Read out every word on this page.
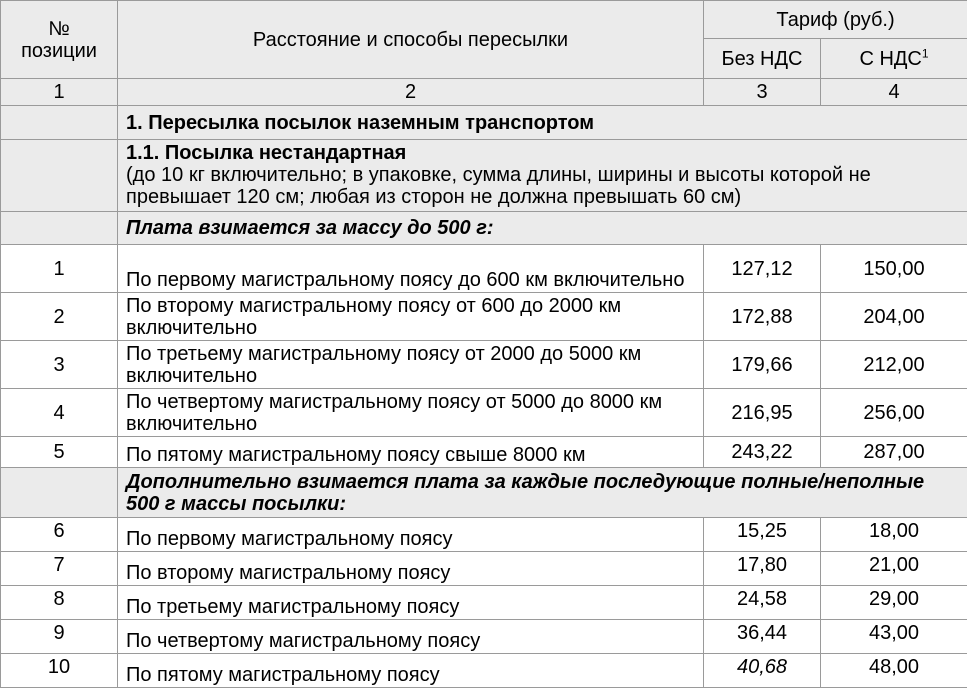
№ позиции	Расстояние и способы пересылки	Тариф (руб.)	
		Без НДС	С НДС$^1$
1	2	3	4
	1. Пересылка посылок наземным транспортом		

	1.1. Посылка нестандартная
(до 10 кг включительно; в упаковке, сумма длины, ширины и высоты которой не превышает 120 см; любая из сторон не должна превышать 60 см)		

	Плата взимается за массу до 500 г:		
1	По первому магистральному поясу до 600 км включительно	127,12	150,00
2	По второму магистральному поясу от 600 до 2000 км включительно	172,88	204,00
3	По третьему магистральному поясу от 2000 до 5000 км включительно	179,66	212,00
4	По четвертому магистральному поясу от 5000 до 8000 км включительно	216,95	256,00
5	По пятому магистральному поясу свыше 8000 км	243,22	287,00
	Дополнительно взимается плата за каждые последующие полные/неполные 500 г массы посылки:		
6	По первому магистральному поясу	15,25	18,00
7	По второму магистральному поясу	17,80	21,00
8	По третьему магистральному поясу	24,58	29,00
9	По четвертому магистральному поясу	36,44	43,00
10	По пятому магистральному поясу	40,68	48,00
